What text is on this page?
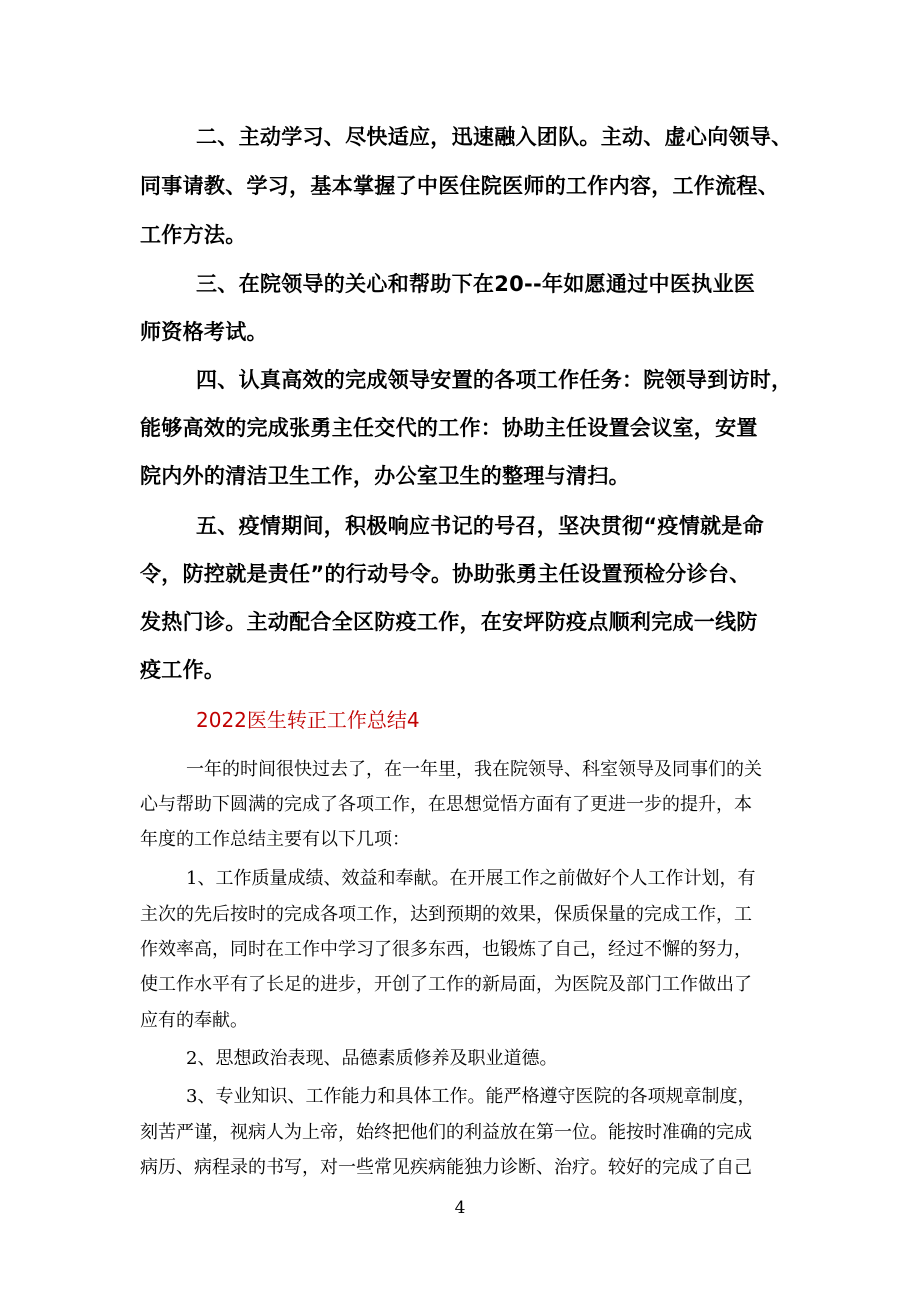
二、主动学习、尽快适应，迅速融入团队。主动、虚心向领导、
同事请教、学习，基本掌握了中医住院医师的工作内容，工作流程、
工作方法。
三、在院领导的关心和帮助下在20--年如愿通过中医执业医
师资格考试。
四、认真高效的完成领导安置的各项工作任务：院领导到访时，
能够高效的完成张勇主任交代的工作：协助主任设置会议室，安置
院内外的清洁卫生工作，办公室卫生的整理与清扫。
五、疫情期间，积极响应书记的号召，坚决贯彻“疫情就是命
令，防控就是责任”的行动号令。协助张勇主任设置预检分诊台、
发热门诊。主动配合全区防疫工作，在安坪防疫点顺利完成一线防
疫工作。
2022医生转正工作总结4
一年的时间很快过去了，在一年里，我在院领导、科室领导及同事们的关
心与帮助下圆满的完成了各项工作，在思想觉悟方面有了更进一步的提升，本
年度的工作总结主要有以下几项：
1、工作质量成绩、效益和奉献。在开展工作之前做好个人工作计划，有
主次的先后按时的完成各项工作，达到预期的效果，保质保量的完成工作，工
作效率高，同时在工作中学习了很多东西，也锻炼了自己，经过不懈的努力，
使工作水平有了长足的进步，开创了工作的新局面，为医院及部门工作做出了
应有的奉献。
2、思想政治表现、品德素质修养及职业道德。
3、专业知识、工作能力和具体工作。能严格遵守医院的各项规章制度，
刻苦严谨，视病人为上帝，始终把他们的利益放在第一位。能按时准确的完成
病历、病程录的书写，对一些常见疾病能独力诊断、治疗。较好的完成了自己
4
